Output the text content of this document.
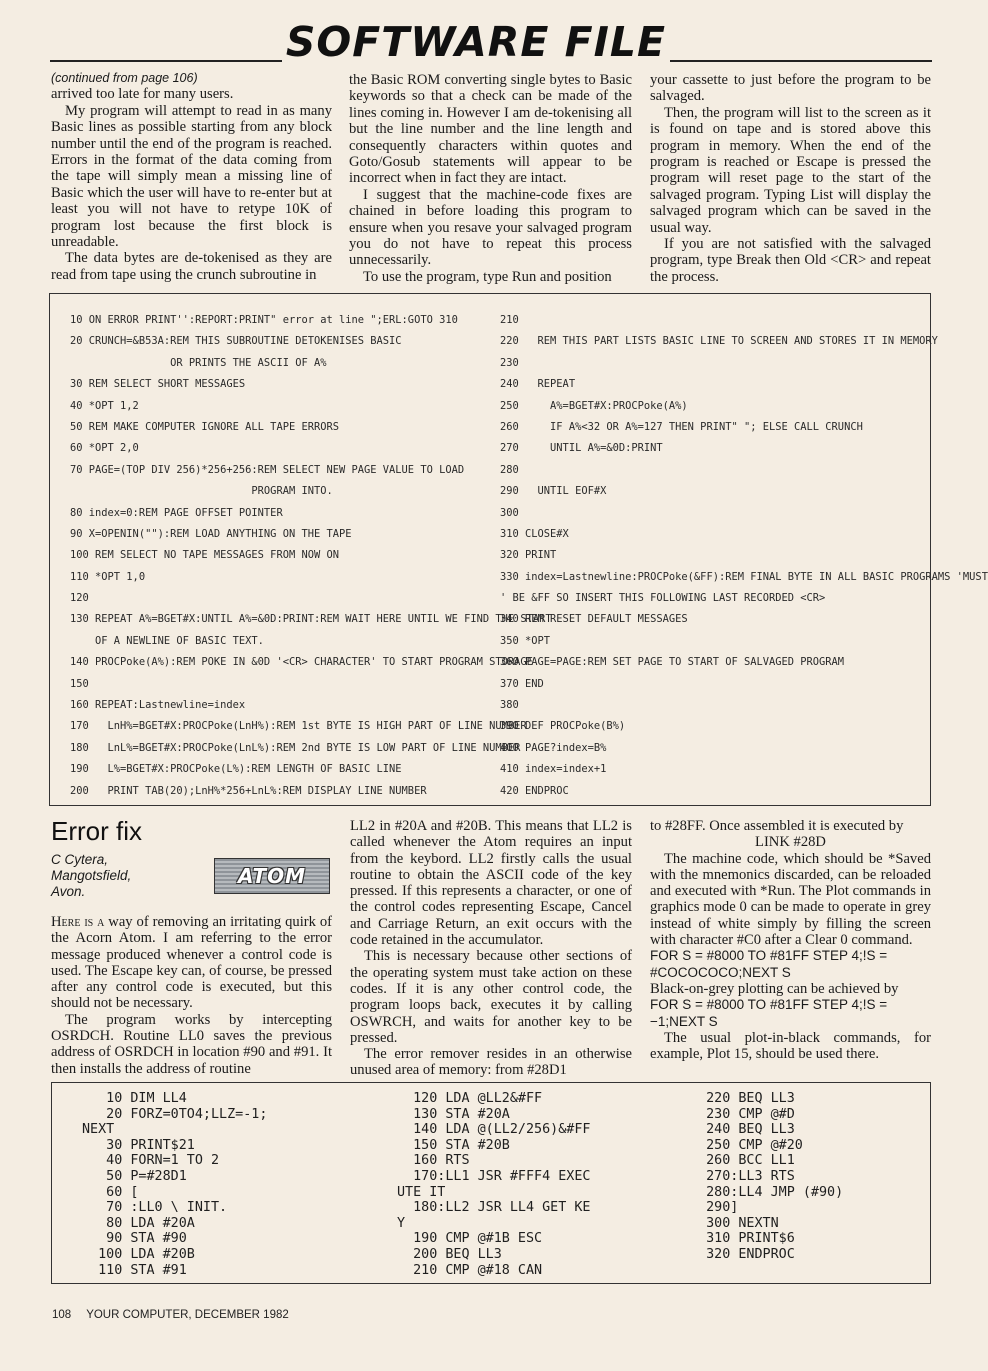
SOFTWARE FILE

(continued from page 106)

arrived too late for many users.

My program will attempt to read in as many Basic lines as possible starting from any block number until the end of the program is reached. Errors in the format of the data coming from the tape will simply mean a missing line of Basic which the user will have to re-enter but at least you will not have to retype 10K of program lost because the first block is unreadable.

The data bytes are de-tokenised as they are read from tape using the crunch subroutine in

the Basic ROM converting single bytes to Basic keywords so that a check can be made of the lines coming in. However I am de-tokenising all but the line number and the line length and consequently characters within quotes and Goto/Gosub statements will appear to be incorrect when in fact they are intact.

I suggest that the machine-code fixes are chained in before loading this program to ensure when you resave your salvaged program you do not have to repeat this process unnecessarily.

To use the program, type Run and position

your cassette to just before the program to be salvaged.

Then, the program will list to the screen as it is found on tape and is stored above this program in memory. When the end of the program is reached or Escape is pressed the program will reset page to the start of the salvaged program. Typing List will display the salvaged program which can be saved in the usual way.

If you are not satisfied with the salvaged program, type Break then Old <CR> and repeat the process.

10 ON ERROR PRINT'':REPORT:PRINT" error at line ";ERL:GOTO 310
20 CRUNCH=&B53A:REM THIS SUBROUTINE DETOKENISES BASIC
OR PRINTS THE ASCII OF A%
30 REM SELECT SHORT MESSAGES
40 *OPT 1,2
50 REM MAKE COMPUTER IGNORE ALL TAPE ERRORS
60 *OPT 2,0
70 PAGE=(TOP DIV 256)*256+256:REM SELECT NEW PAGE VALUE TO LOAD
PROGRAM INTO.
80 index=0:REM PAGE OFFSET POINTER
90 X=OPENIN(""):REM LOAD ANYTHING ON THE TAPE
100 REM SELECT NO TAPE MESSAGES FROM NOW ON
110 *OPT 1,0
120
130 REPEAT A%=BGET#X:UNTIL A%=&0D:PRINT:REM WAIT HERE UNTIL WE FIND THE START
OF A NEWLINE OF BASIC TEXT.
140 PROCPoke(A%):REM POKE IN &0D '<CR> CHARACTER' TO START PROGRAM STORAGE
150
160 REPEAT:Lastnewline=index
170   LnH%=BGET#X:PROCPoke(LnH%):REM 1st BYTE IS HIGH PART OF LINE NUMBER
180   LnL%=BGET#X:PROCPoke(LnL%):REM 2nd BYTE IS LOW PART OF LINE NUMBER
190   L%=BGET#X:PROCPoke(L%):REM LENGTH OF BASIC LINE
200   PRINT TAB(20);LnH%*256+LnL%:REM DISPLAY LINE NUMBER
210
220   REM THIS PART LISTS BASIC LINE TO SCREEN AND STORES IT IN MEMORY
230
240   REPEAT
250     A%=BGET#X:PROCPoke(A%)
260     IF A%<32 OR A%=127 THEN PRINT" "; ELSE CALL CRUNCH
270     UNTIL A%=&0D:PRINT
280
290   UNTIL EOF#X
300
310 CLOSE#X
320 PRINT
330 index=Lastnewline:PROCPoke(&FF):REM FINAL BYTE IN ALL BASIC PROGRAMS 'MUST
' BE &FF SO INSERT THIS FOLLOWING LAST RECORDED <CR>
340 REM RESET DEFAULT MESSAGES
350 *OPT
360 PAGE=PAGE:REM SET PAGE TO START OF SALVAGED PROGRAM
370 END
380
390 DEF PROCPoke(B%)
400 PAGE?index=B%
410 index=index+1
420 ENDPROC
Error fix
C Cytera,
Mangotsfield,
Avon.
ATOM

Here is a way of removing an irritating quirk of the Acorn Atom. I am referring to the error message produced whenever a control code is used. The Escape key can, of course, be pressed after any control code is executed, but this should not be necessary.

The program works by intercepting OSRDCH. Routine LL0 saves the previous address of OSRDCH in location #90 and #91. It then installs the address of routine

LL2 in #20A and #20B. This means that LL2 is called whenever the Atom requires an input from the keybord. LL2 firstly calls the usual routine to obtain the ASCII code of the key pressed. If this represents a character, or one of the control codes representing Escape, Cancel and Carriage Return, an exit occurs with the code retained in the accumulator.

This is necessary because other sections of the operating system must take action on these codes. If it is any other control code, the program loops back, executes it by calling OSWRCH, and waits for another key to be pressed.

The error remover resides in an otherwise unused area of memory: from #28D1

to #28FF. Once assembled it is executed by

LINK #28D

The machine code, which should be *Saved with the mnemonics discarded, can be reloaded and executed with *Run. The Plot commands in graphics mode 0 can be made to operate in grey instead of white simply by filling the screen with character #C0 after a Clear 0 command.

FOR S = #8000 TO #81FF STEP 4;!S = #COCOCOCO;NEXT S

Black-on-grey plotting can be achieved by

FOR S = #8000 TO #81FF STEP 4;!S = −1;NEXT S

The usual plot-in-black commands, for example, Plot 15, should be used there.

10 DIM LL4
20 FORZ=0TO4;LLZ=-1;
NEXT
30 PRINT$21
40 FORN=1 TO 2
50 P=#28D1
60 [
70 :LL0 \ INIT.
80 LDA #20A
90 STA #90
100 LDA #20B
110 STA #91
120 LDA @LL2&#FF
130 STA #20A
140 LDA @(LL2/256)&#FF
150 STA #20B
160 RTS
170:LL1 JSR #FFF4 EXEC
UTE IT
180:LL2 JSR LL4 GET KE
Y
190 CMP @#1B ESC
200 BEQ LL3
210 CMP @#18 CAN
220 BEQ LL3
230 CMP @#D
240 BEQ LL3
250 CMP @#20
260 BCC LL1
270:LL3 RTS
280:LL4 JMP (#90)
290]
300 NEXTN
310 PRINT$6
320 ENDPROC
108 YOUR COMPUTER, DECEMBER 1982
